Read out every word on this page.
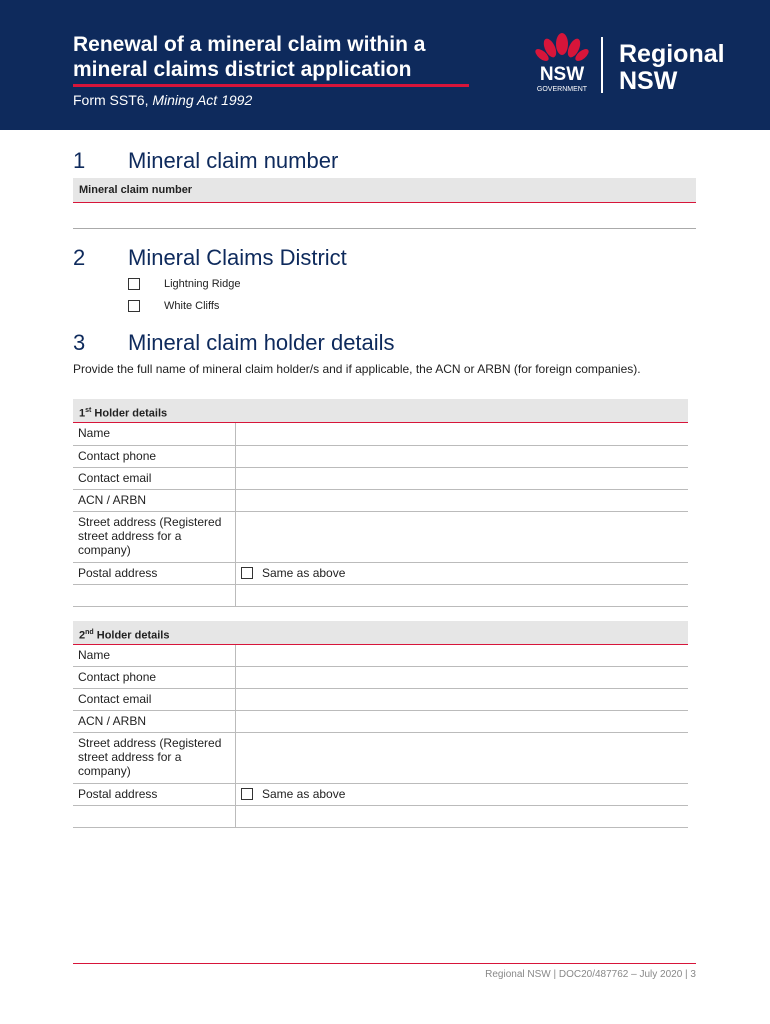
Renewal of a mineral claim within a mineral claims district application
Form SST6, Mining Act 1992
NSW
GOVERNMENT
Regional
NSW
1 Mineral claim number
Mineral claim number
2 Mineral Claims District
Lightning Ridge
White Cliffs
3 Mineral claim holder details
Provide the full name of mineral claim holder/s and if applicable, the ACN or ARBN (for foreign companies).
1st Holder details
Name
Contact phone
Contact email
ACN / ARBN
Street address (Registered street address for a company)
Postal address	Same as above
2nd Holder details
Name
Contact phone
Contact email
ACN / ARBN
Street address (Registered street address for a company)
Postal address	Same as above
Regional NSW | DOC20/487762 – July 2020 | 3
